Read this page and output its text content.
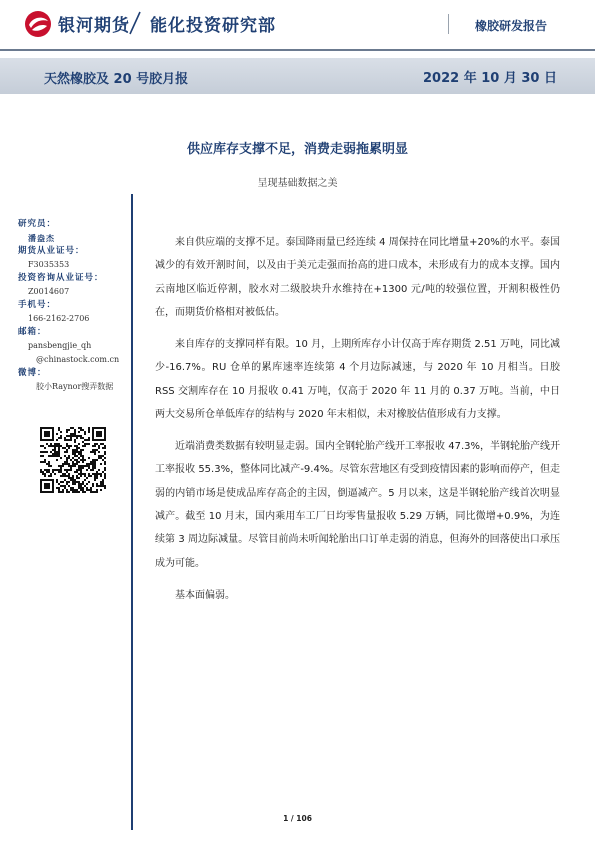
银河期货 能化投资研究部	橡胶研发报告
天然橡胶及 20 号胶月报	2022 年 10 月 30 日
供应库存支撑不足，消费走弱拖累明显
呈现基础数据之美
研究员：
潘盎杰
期货从业证号：
F3035353
投资咨询从业证号：
Z0014607
手机号：
166-2162-2706
邮箱：
pansbengjie_qh
@chinastock.com.cn
微博：
胶小Raynor搜弄数据

来自供应端的支撑不足。泰国降雨量已经连续 4 周保持在同比增量+20%的水平。泰国减少的有效开割时间，以及由于美元走强而抬高的进口成本，未形成有力的成本支撑。国内云南地区临近停割，胶水对二级胶块升水维持在+1300 元/吨的较强位置，开割积极性仍在，而期货价格相对被低估。

来自库存的支撑同样有限。10 月，上期所库存小计仅高于库存期货 2.51 万吨，同比减少-16.7%。RU 仓单的累库速率连续第 4 个月边际减速，与 2020 年 10 月相当。日胶 RSS 交割库存在 10 月报收 0.41 万吨，仅高于 2020 年 11 月的 0.37 万吨。当前，中日两大交易所仓单低库存的结构与 2020 年末相似，未对橡胶估值形成有力支撑。

近端消费类数据有较明显走弱。国内全钢轮胎产线开工率报收 47.3%，半钢轮胎产线开工率报收 55.3%，整体同比减产-9.4%。尽管东营地区有受到疫情因素的影响而停产，但走弱的内销市场是使成品库存高企的主因，倒逼减产。5 月以来，这是半钢轮胎产线首次明显减产。截至 10 月末，国内乘用车工厂日均零售量报收 5.29 万辆，同比微增+0.9%，为连续第 3 周边际减量。尽管目前尚未听闻轮胎出口订单走弱的消息，但海外的回落使出口承压成为可能。

基本面偏弱。

1 / 106
